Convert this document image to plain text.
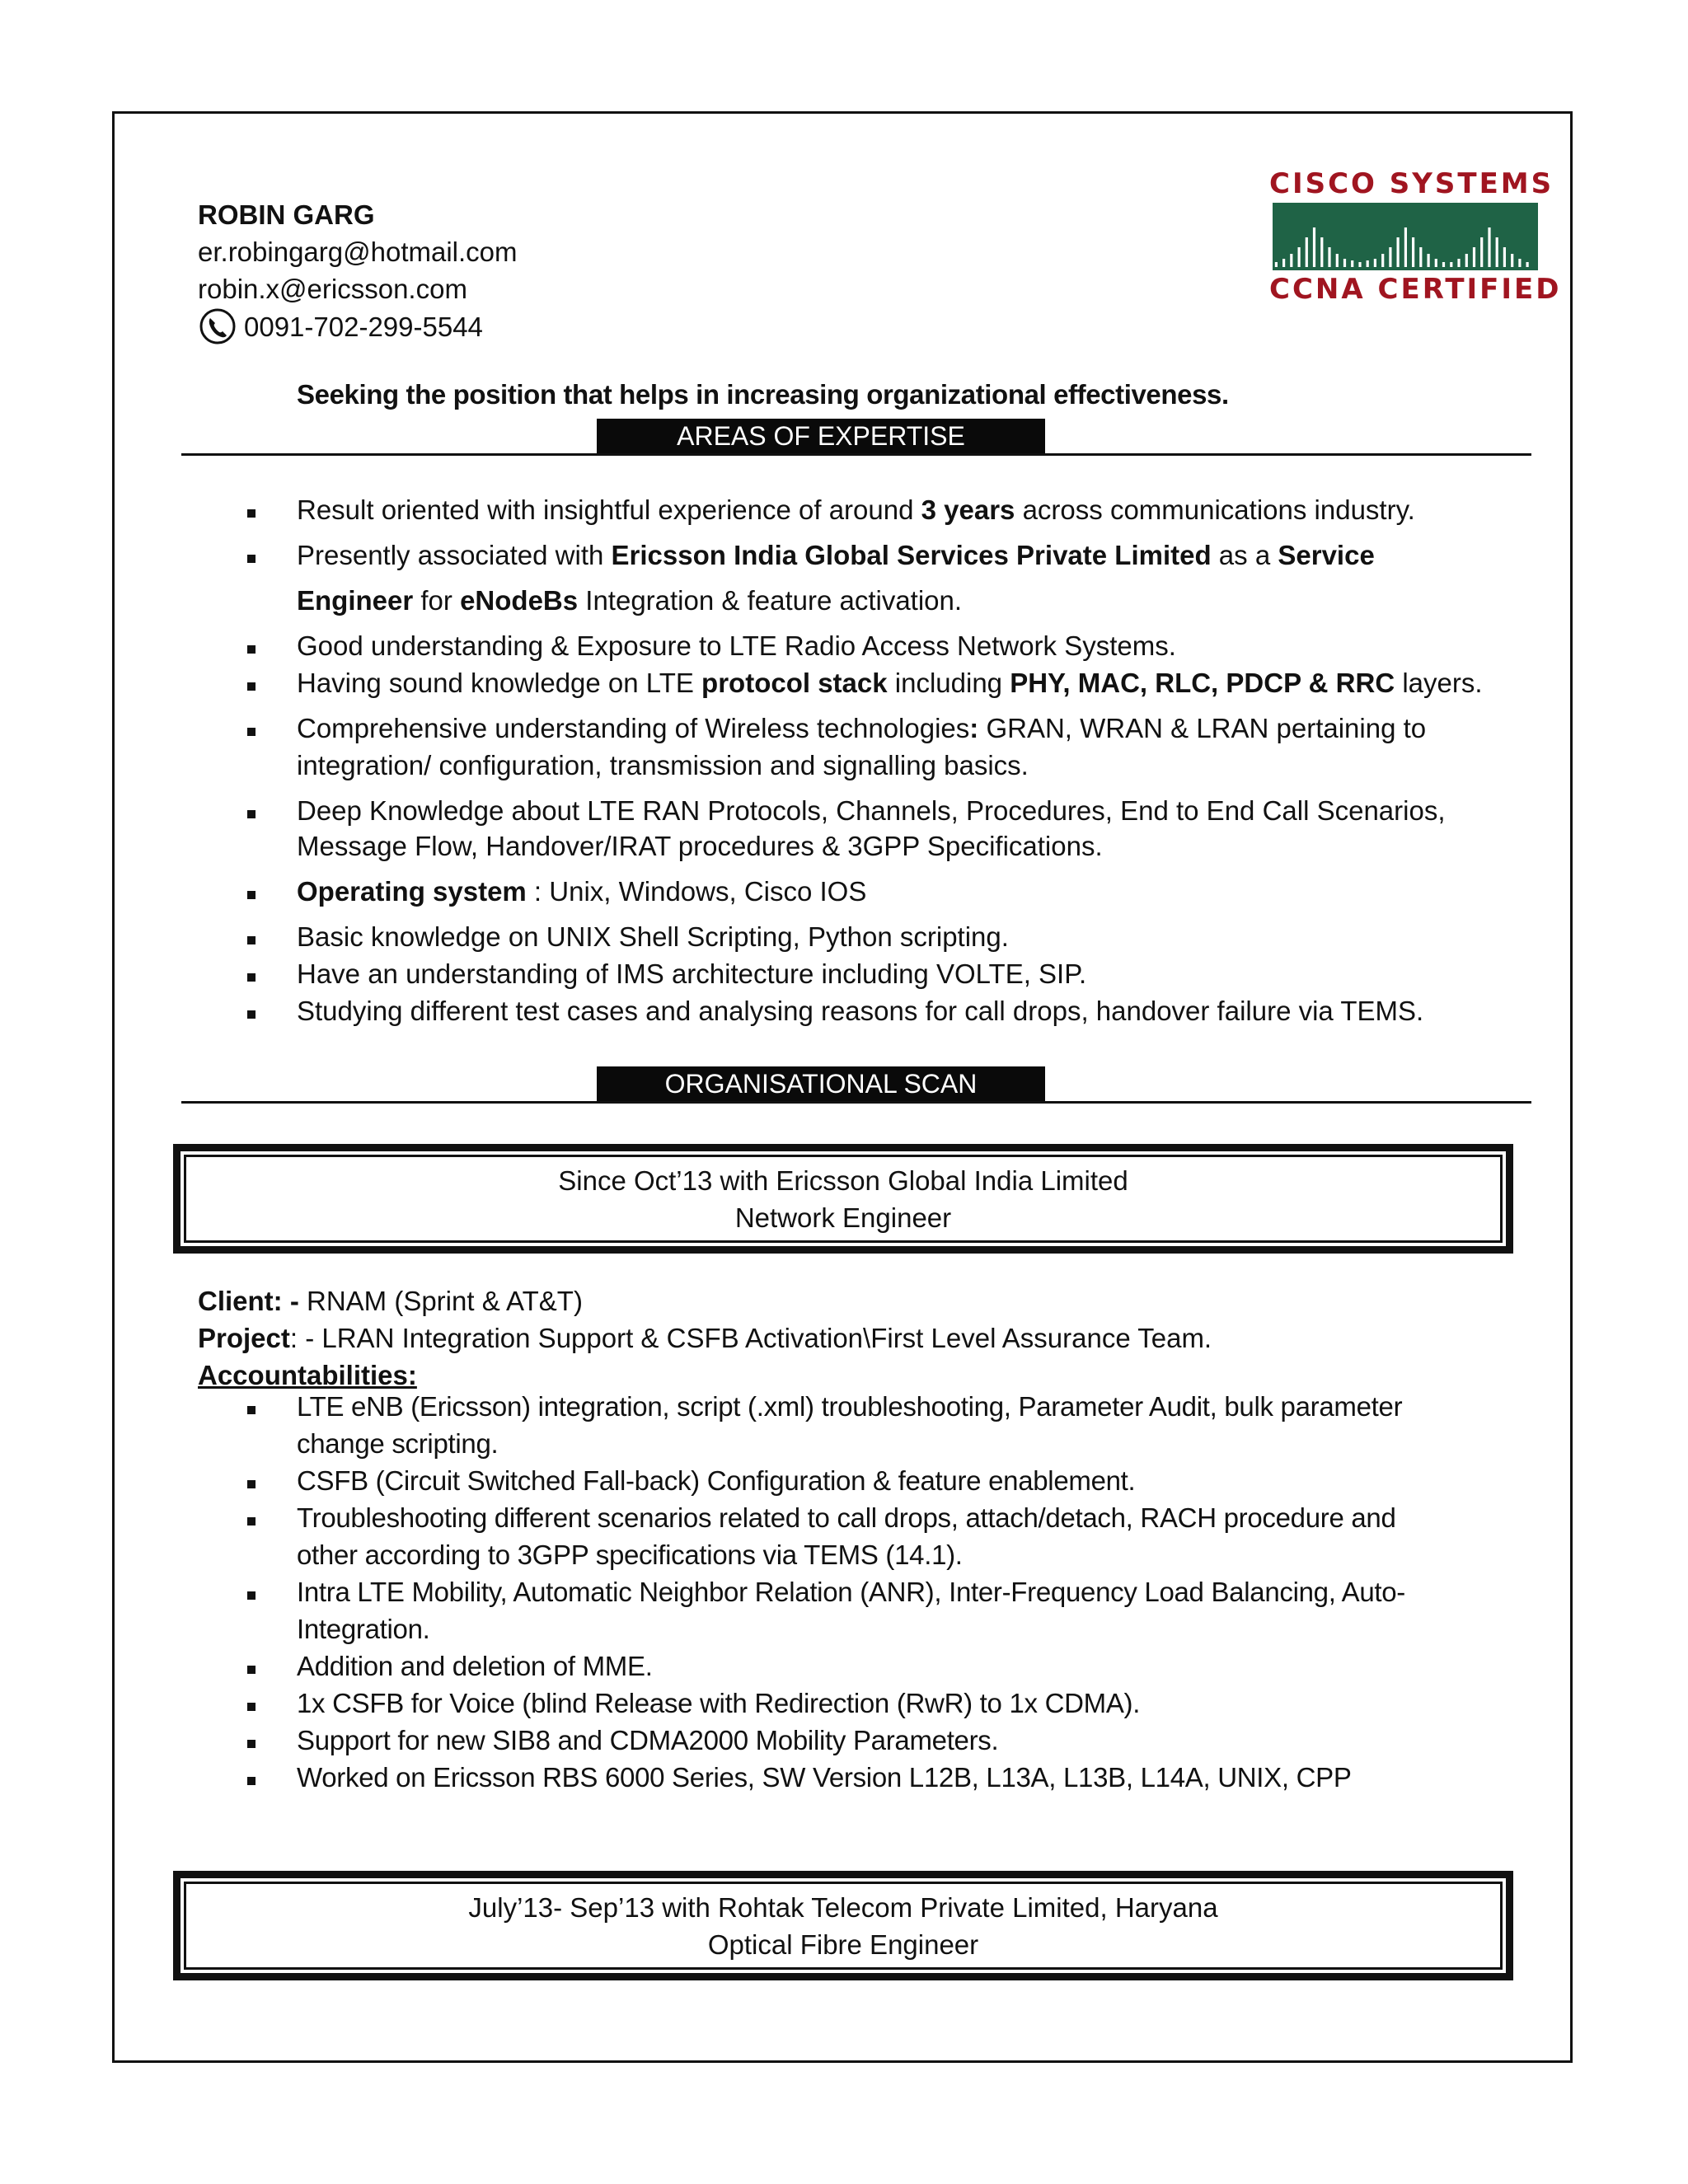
ROBIN GARG
er.robingarg@hotmail.com
robin.x@ericsson.com
0091-702-299-5544
CISCO SYSTEMS
CCNA CERTIFIED
Seeking the position that helps in increasing organizational effectiveness.
AREAS OF EXPERTISE
Result oriented with insightful experience of around 3 years across communications industry.
Presently associated with Ericsson India Global Services Private Limited as a Service
Engineer for eNodeBs Integration & feature activation.
Good understanding & Exposure to LTE Radio Access Network Systems.
Having sound knowledge on LTE protocol stack including PHY, MAC, RLC, PDCP & RRC layers.
Comprehensive understanding of Wireless technologies: GRAN, WRAN & LRAN pertaining to
integration/ configuration, transmission and signalling basics.
Deep Knowledge about LTE RAN Protocols, Channels, Procedures, End to End Call Scenarios,
Message Flow, Handover/IRAT procedures & 3GPP Specifications.
Operating system : Unix, Windows, Cisco IOS
Basic knowledge on UNIX Shell Scripting, Python scripting.
Have an understanding of IMS architecture including VOLTE, SIP.
Studying different test cases and analysing reasons for call drops, handover failure via TEMS.
ORGANISATIONAL SCAN
Since Oct’13 with Ericsson Global India Limited
Network Engineer
Client: - RNAM (Sprint & AT&T)
Project: - LRAN Integration Support & CSFB Activation\First Level Assurance Team.
Accountabilities:
LTE eNB (Ericsson) integration, script (.xml) troubleshooting, Parameter Audit, bulk parameter
change scripting.
CSFB (Circuit Switched Fall-back) Configuration & feature enablement.
Troubleshooting different scenarios related to call drops, attach/detach, RACH procedure and
other according to 3GPP specifications via TEMS (14.1).
Intra LTE Mobility, Automatic Neighbor Relation (ANR), Inter-Frequency Load Balancing, Auto-
Integration.
Addition and deletion of MME.
1x CSFB for Voice (blind Release with Redirection (RwR) to 1x CDMA).
Support for new SIB8 and CDMA2000 Mobility Parameters.
Worked on Ericsson RBS 6000 Series, SW Version L12B, L13A, L13B, L14A, UNIX, CPP
July’13- Sep’13 with Rohtak Telecom Private Limited, Haryana
Optical Fibre Engineer
